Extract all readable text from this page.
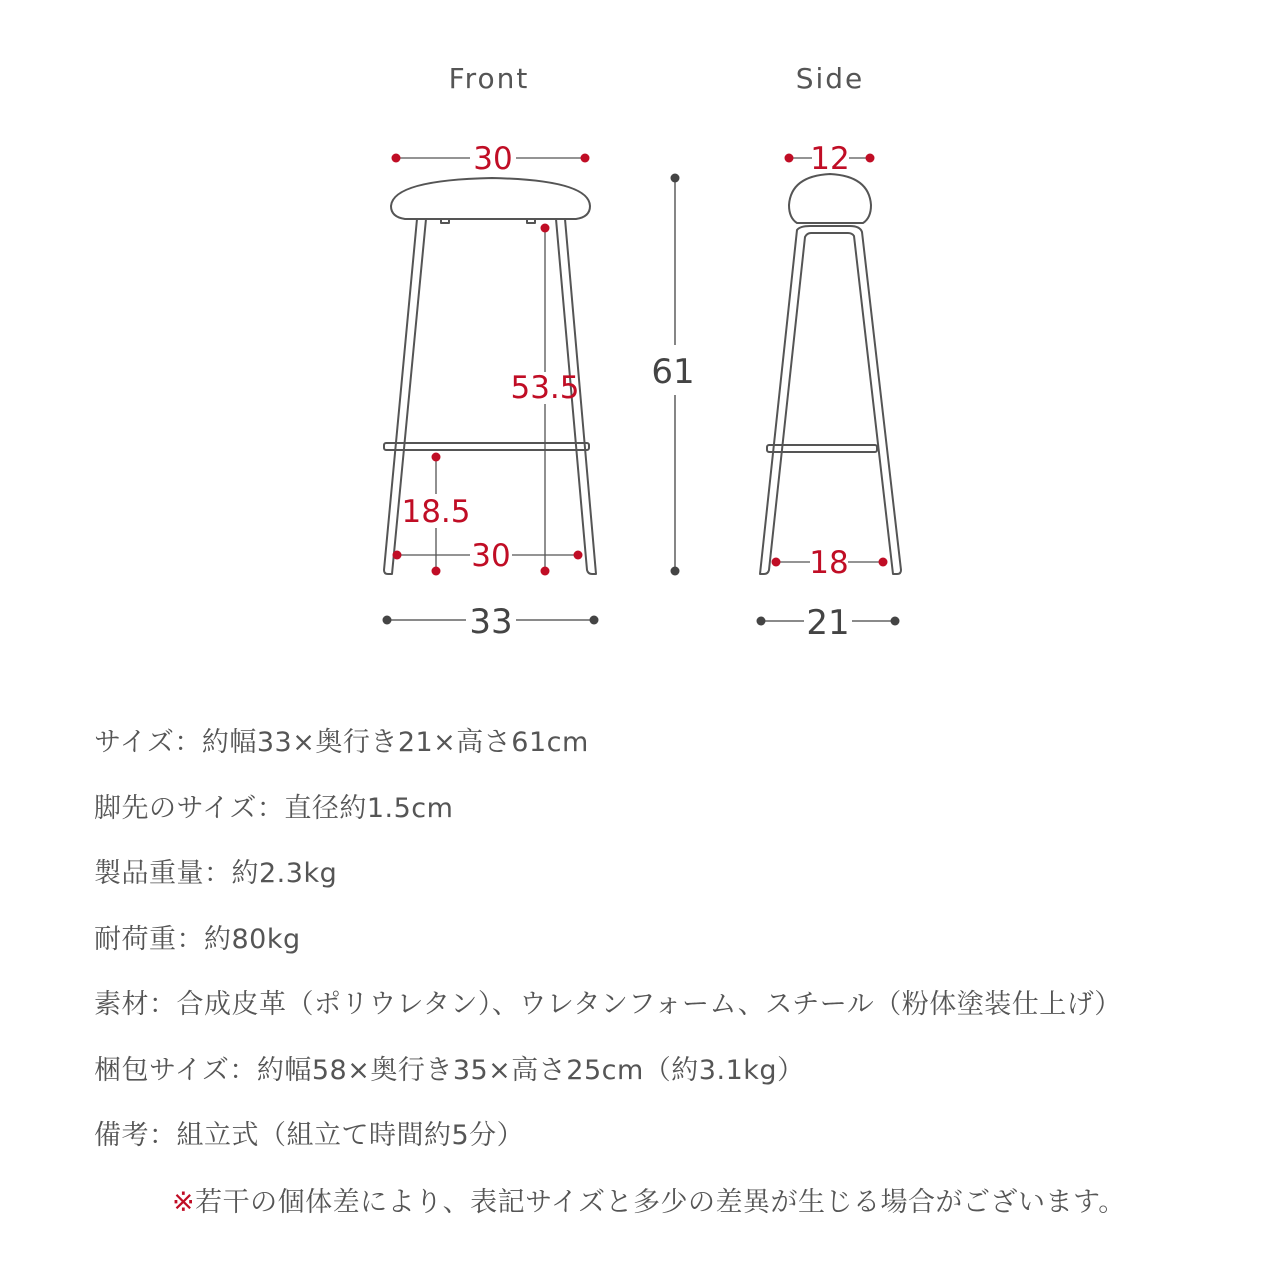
Front	Side
30
53.5
18.5
30
33
61
12
18
21
サイズ：約幅33×奥行き21×高さ61cm
脚先のサイズ：直径約1.5cm
製品重量：約2.3kg
耐荷重：約80kg
素材：合成皮革（ポリウレタン）、ウレタンフォーム、スチール（粉体塗装仕上げ）
梱包サイズ：約幅58×奥行き35×高さ25cm（約3.1kg）
備考：組立式（組立て時間約5分）
※若干の個体差により、表記サイズと多少の差異が生じる場合がございます。
